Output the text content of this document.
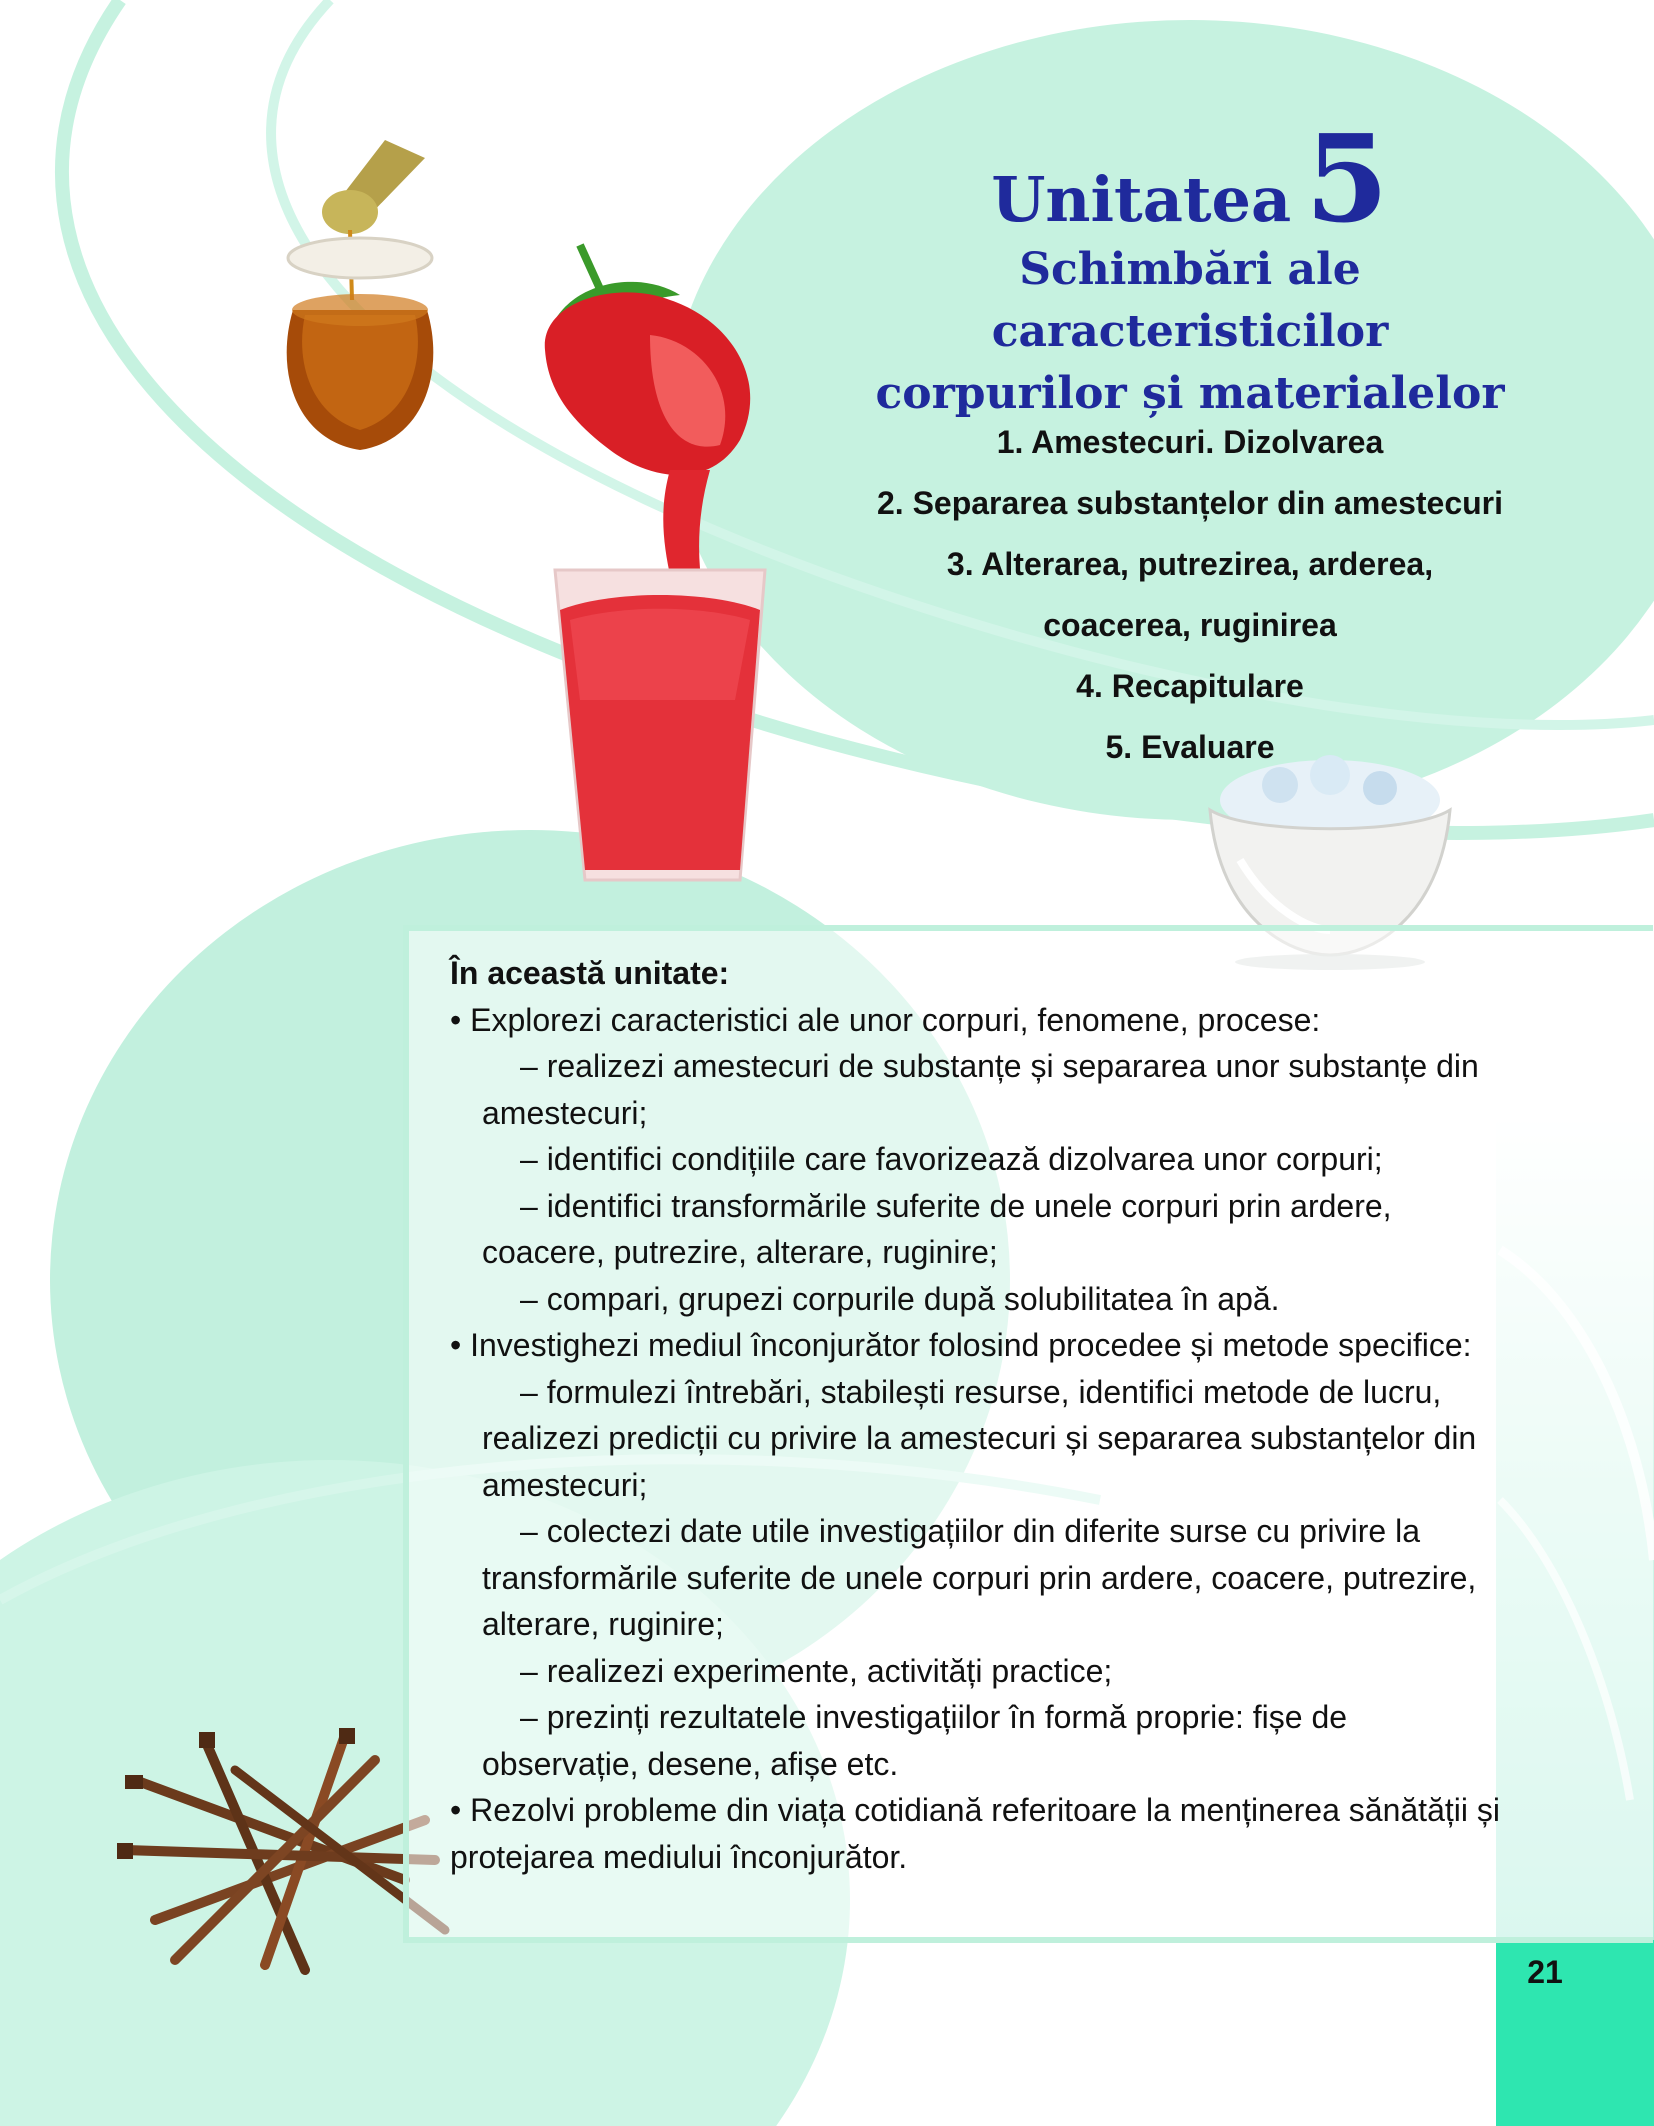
Unitatea 5
Schimbări ale caracteristicilor
corpurilor și materialelor
1. Amestecuri. Dizolvarea
2. Separarea substanțelor din amestecuri
3. Alterarea, putrezirea, arderea,
coacerea, ruginirea
4. Recapitulare
5. Evaluare

În această unitate:

• Explorezi caracteristici ale unor corpuri, fenomene, procese:

– realizezi amestecuri de substanțe și separarea unor substanțe din amestecuri;

– identifici condițiile care favorizează dizolvarea unor corpuri;

– identifici transformările suferite de unele corpuri prin ardere, coacere, putrezire, alterare, ruginire;

– compari, grupezi corpurile după solubilitatea în apă.

• Investighezi mediul înconjurător folosind procedee și metode specifice:

– formulezi întrebări, stabilești resurse, identifici metode de lucru, realizezi predicții cu privire la amestecuri și separarea substanțelor din amestecuri;

– colectezi date utile investigațiilor din diferite surse cu privire la transformările suferite de unele corpuri prin ardere, coacere, putrezire, alterare, ruginire;

– realizezi experimente, activități practice;

– prezinți rezultatele investigațiilor în formă proprie: fișe de observație, desene, afișe etc.

• Rezolvi probleme din viața cotidiană referitoare la menținerea sănătății și protejarea mediului înconjurător.

21
